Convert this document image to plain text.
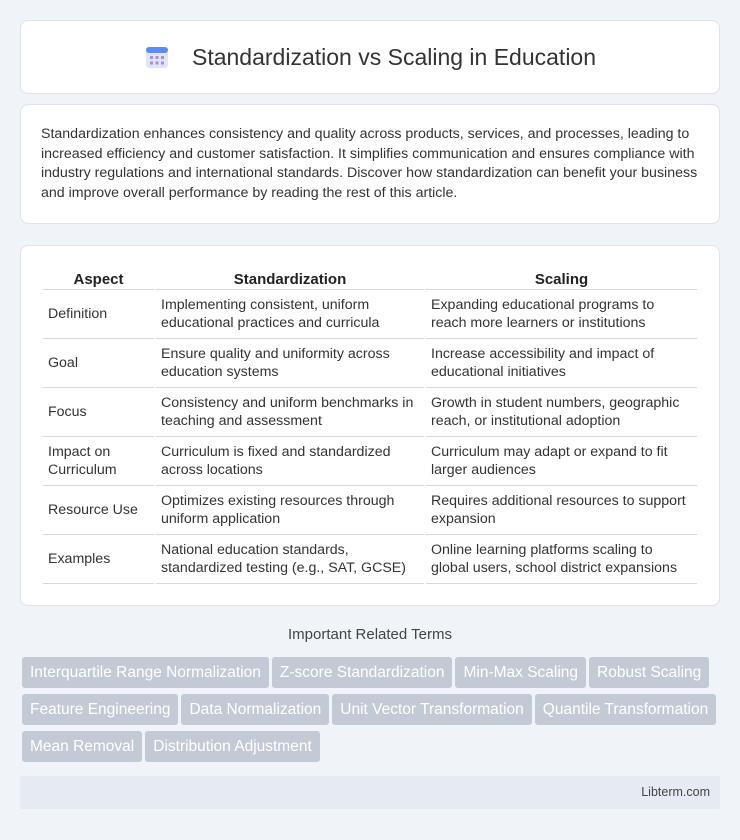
Standardization vs Scaling in Education

Standardization enhances consistency and quality across products, services, and processes, leading to increased efficiency and customer satisfaction. It simplifies communication and ensures compliance with industry regulations and international standards. Discover how standardization can benefit your business and improve overall performance by reading the rest of this article.

Aspect	Standardization	Scaling
Definition	Implementing consistent, uniform educational practices and curricula	Expanding educational programs to reach more learners or institutions
Goal	Ensure quality and uniformity across education systems	Increase accessibility and impact of educational initiatives
Focus	Consistency and uniform benchmarks in teaching and assessment	Growth in student numbers, geographic reach, or institutional adoption
Impact on Curriculum	Curriculum is fixed and standardized across locations	Curriculum may adapt or expand to fit larger audiences
Resource Use	Optimizes existing resources through uniform application	Requires additional resources to support expansion
Examples	National education standards, standardized testing (e.g., SAT, GCSE)	Online learning platforms scaling to global users, school district expansions
Important Related Terms
Interquartile Range Normalization Z-score Standardization Min-Max Scaling Robust ScalingFeature Engineering Data Normalization Unit Vector Transformation Quantile TransformationMean Removal Distribution Adjustment
Libterm.com
